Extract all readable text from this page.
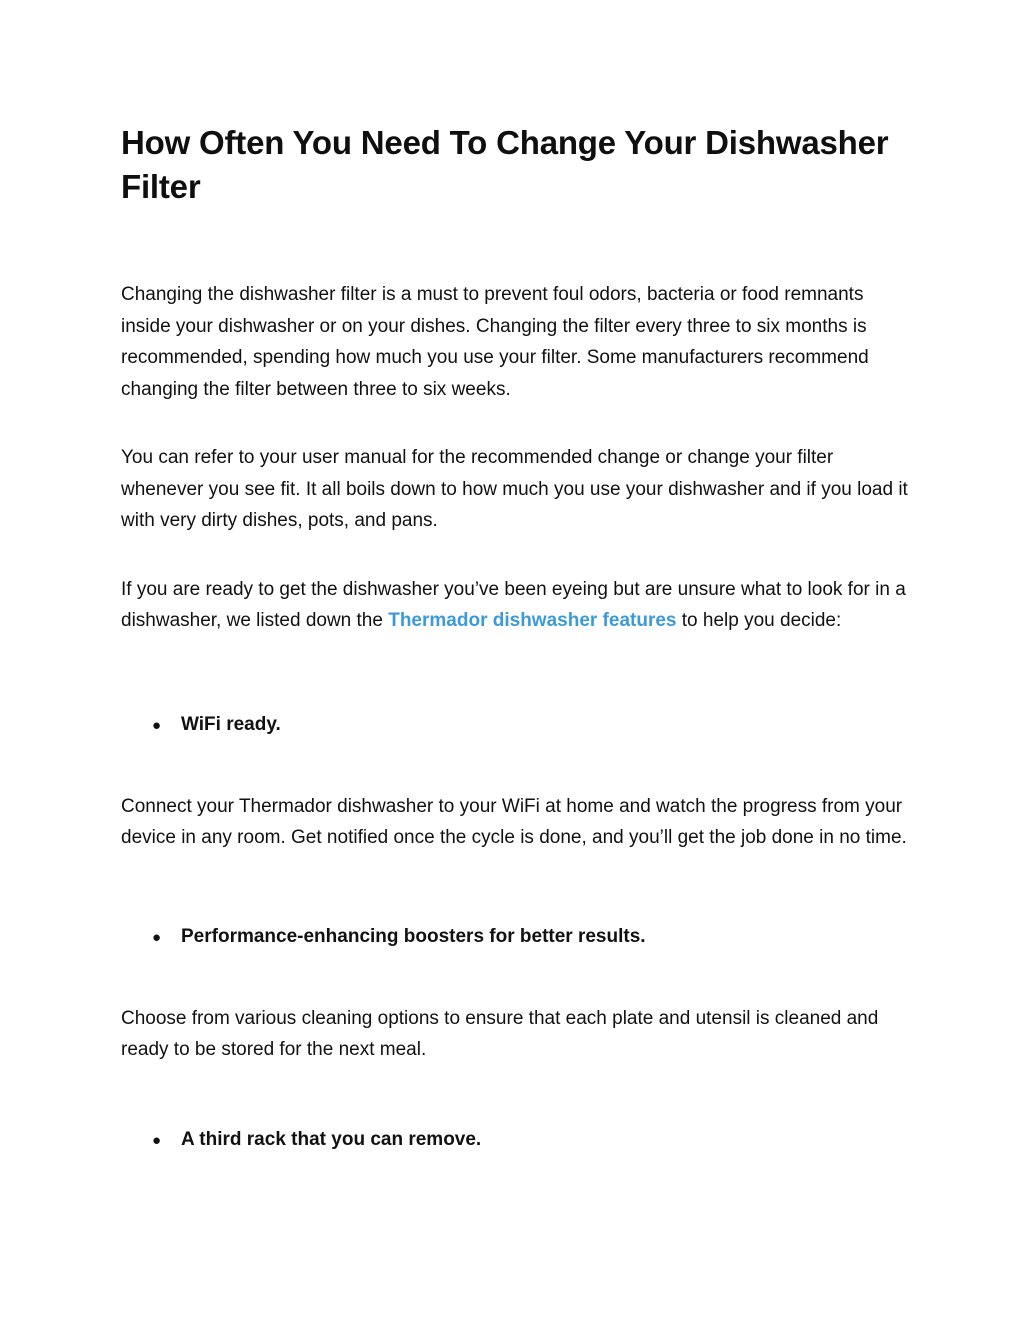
How Often You Need To Change Your Dishwasher Filter

Changing the dishwasher filter is a must to prevent foul odors, bacteria or food remnants inside your dishwasher or on your dishes. Changing the filter every three to six months is recommended, spending how much you use your filter. Some manufacturers recommend changing the filter between three to six weeks.

You can refer to your user manual for the recommended change or change your filter whenever you see fit. It all boils down to how much you use your dishwasher and if you load it with very dirty dishes, pots, and pans.

If you are ready to get the dishwasher you’ve been eyeing but are unsure what to look for in a dishwasher, we listed down the Thermador dishwasher features to help you decide:

●	WiFi ready.

Connect your Thermador dishwasher to your WiFi at home and watch the progress from your device in any room. Get notified once the cycle is done, and you’ll get the job done in no time.

●	Performance-enhancing boosters for better results.

Choose from various cleaning options to ensure that each plate and utensil is cleaned and ready to be stored for the next meal.

●	A third rack that you can remove.
